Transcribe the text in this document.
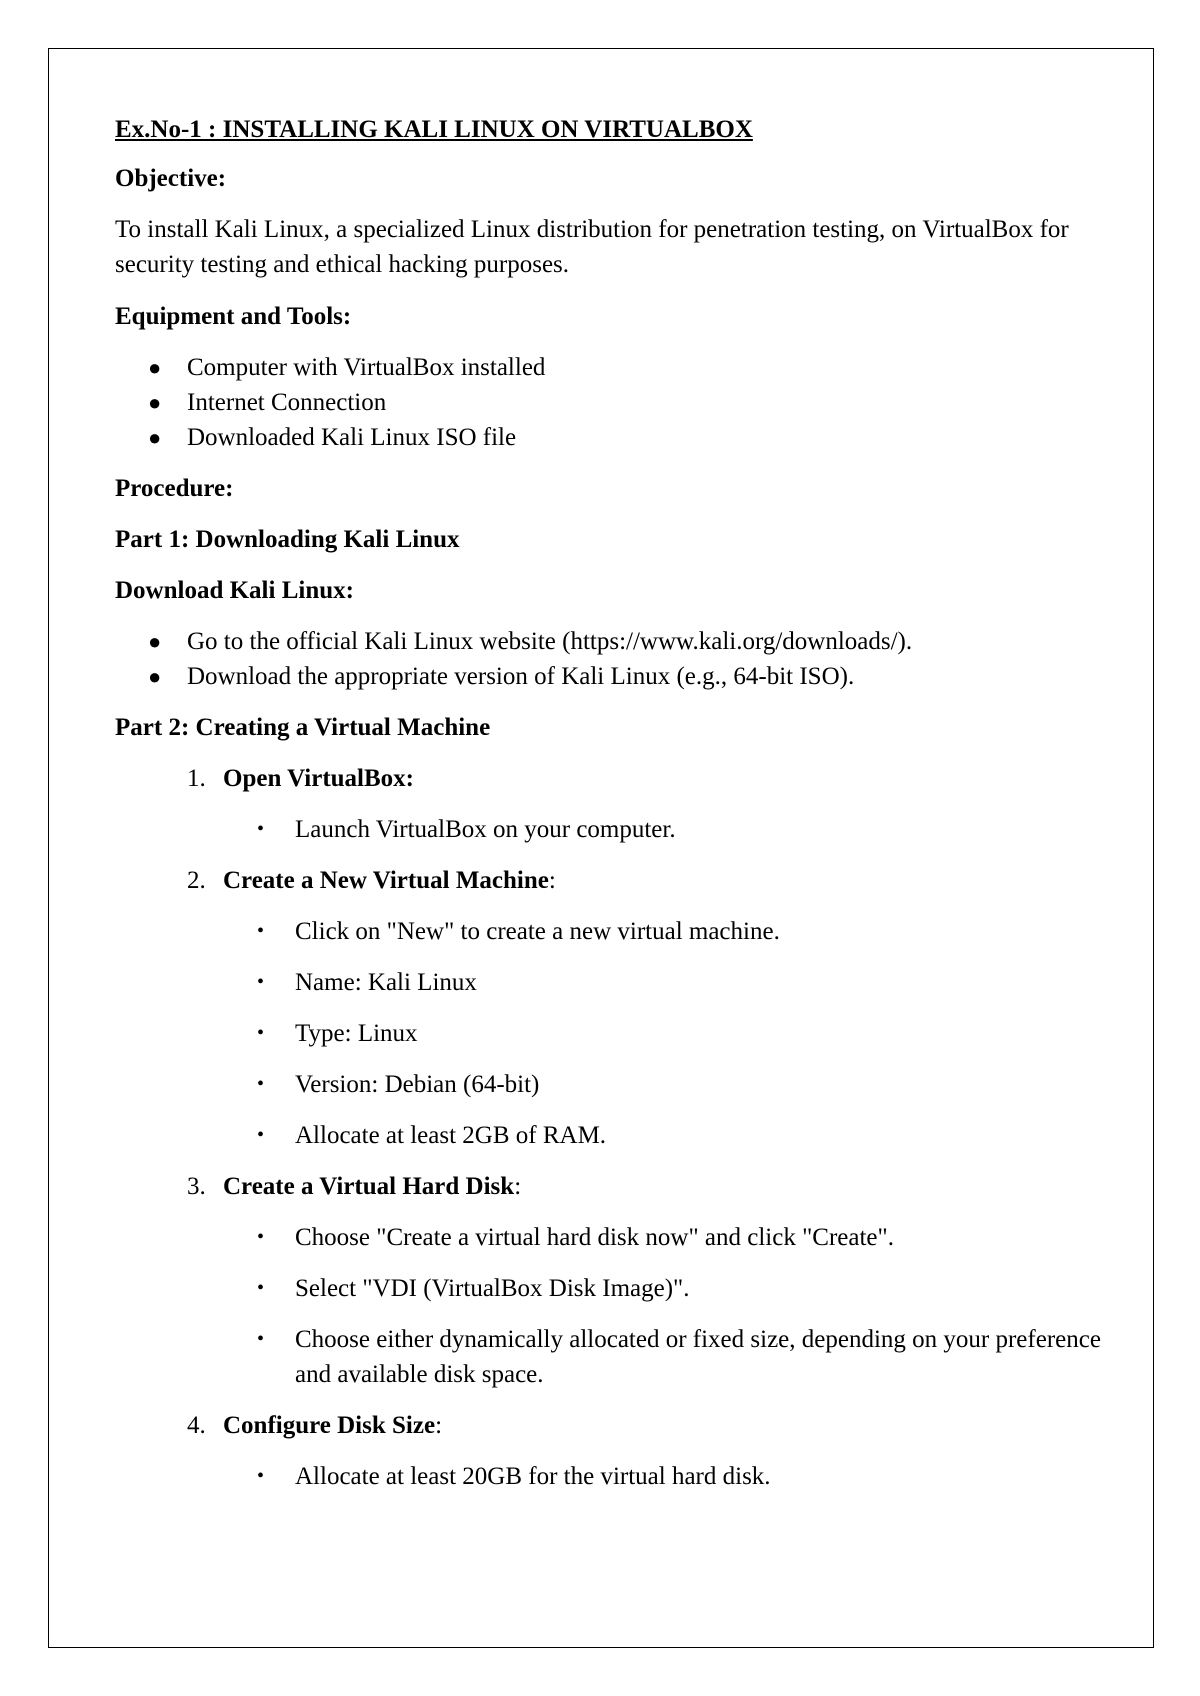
Ex.No-1 : INSTALLING KALI LINUX ON VIRTUALBOX
Objective:

To install Kali Linux, a specialized Linux distribution for penetration testing, on VirtualBox for security testing and ethical hacking purposes.

Equipment and Tools:
● Computer with VirtualBox installed
● Internet Connection
● Downloaded Kali Linux ISO file
Procedure:
Part 1: Downloading Kali Linux
Download Kali Linux:
● Go to the official Kali Linux website (https://www.kali.org/downloads/).
● Download the appropriate version of Kali Linux (e.g., 64-bit ISO).
Part 2: Creating a Virtual Machine
1. Open VirtualBox:
• Launch VirtualBox on your computer.
2. Create a New Virtual Machine:
• Click on "New" to create a new virtual machine.
• Name: Kali Linux
• Type: Linux
• Version: Debian (64-bit)
• Allocate at least 2GB of RAM.
3. Create a Virtual Hard Disk:
• Choose "Create a virtual hard disk now" and click "Create".
• Select "VDI (VirtualBox Disk Image)".
• Choose either dynamically allocated or fixed size, depending on your preference and available disk space.
4. Configure Disk Size:
• Allocate at least 20GB for the virtual hard disk.
